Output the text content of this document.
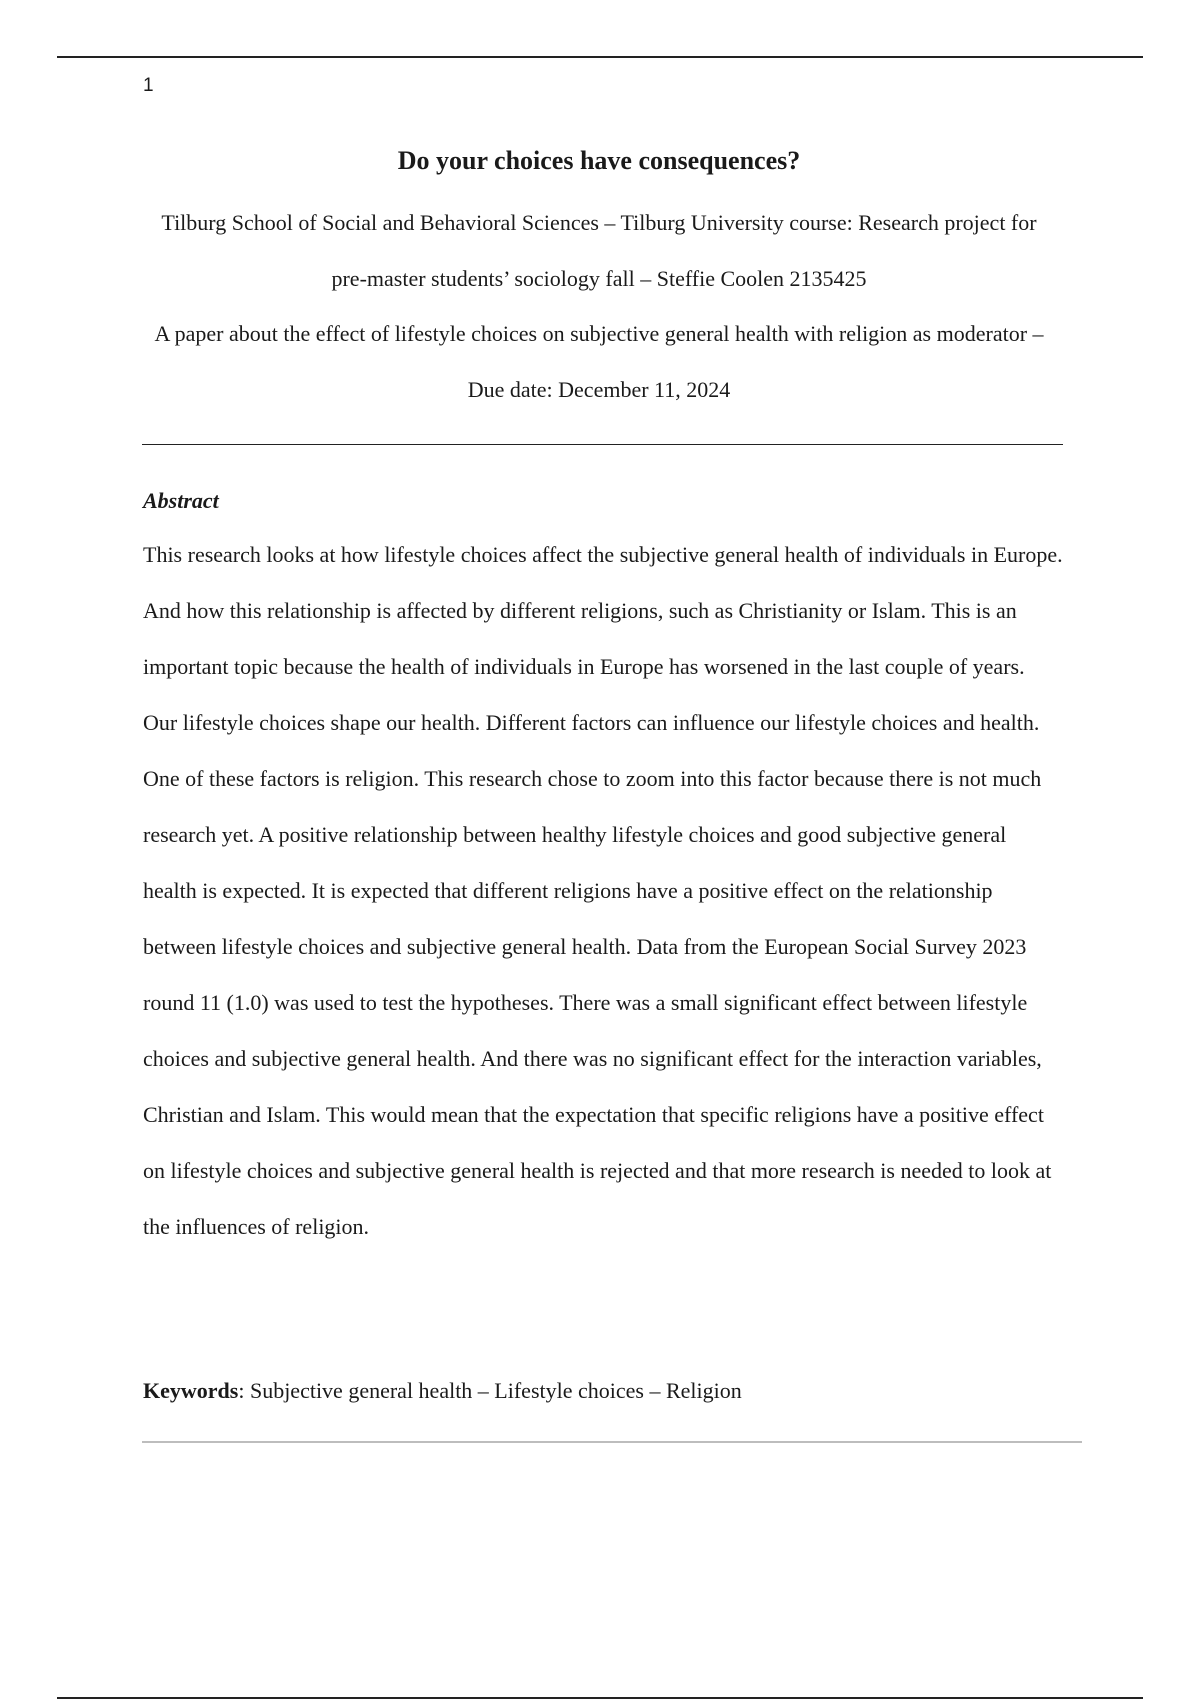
1
Do your choices have consequences?

Tilburg School of Social and Behavioral Sciences – Tilburg University course: Research project for pre-master students’ sociology fall – Steffie Coolen 2135425

A paper about the effect of lifestyle choices on subjective general health with religion as moderator – Due date: December 11, 2024

Abstract

This research looks at how lifestyle choices affect the subjective general health of individuals in Europe. And how this relationship is affected by different religions, such as Christianity or Islam. This is an important topic because the health of individuals in Europe has worsened in the last couple of years. Our lifestyle choices shape our health. Different factors can influence our lifestyle choices and health. One of these factors is religion. This research chose to zoom into this factor because there is not much research yet. A positive relationship between healthy lifestyle choices and good subjective general health is expected. It is expected that different religions have a positive effect on the relationship between lifestyle choices and subjective general health. Data from the European Social Survey 2023 round 11 (1.0) was used to test the hypotheses. There was a small significant effect between lifestyle choices and subjective general health. And there was no significant effect for the interaction variables, Christian and Islam. This would mean that the expectation that specific religions have a positive effect on lifestyle choices and subjective general health is rejected and that more research is needed to look at the influences of religion.

Keywords: Subjective general health – Lifestyle choices – Religion
